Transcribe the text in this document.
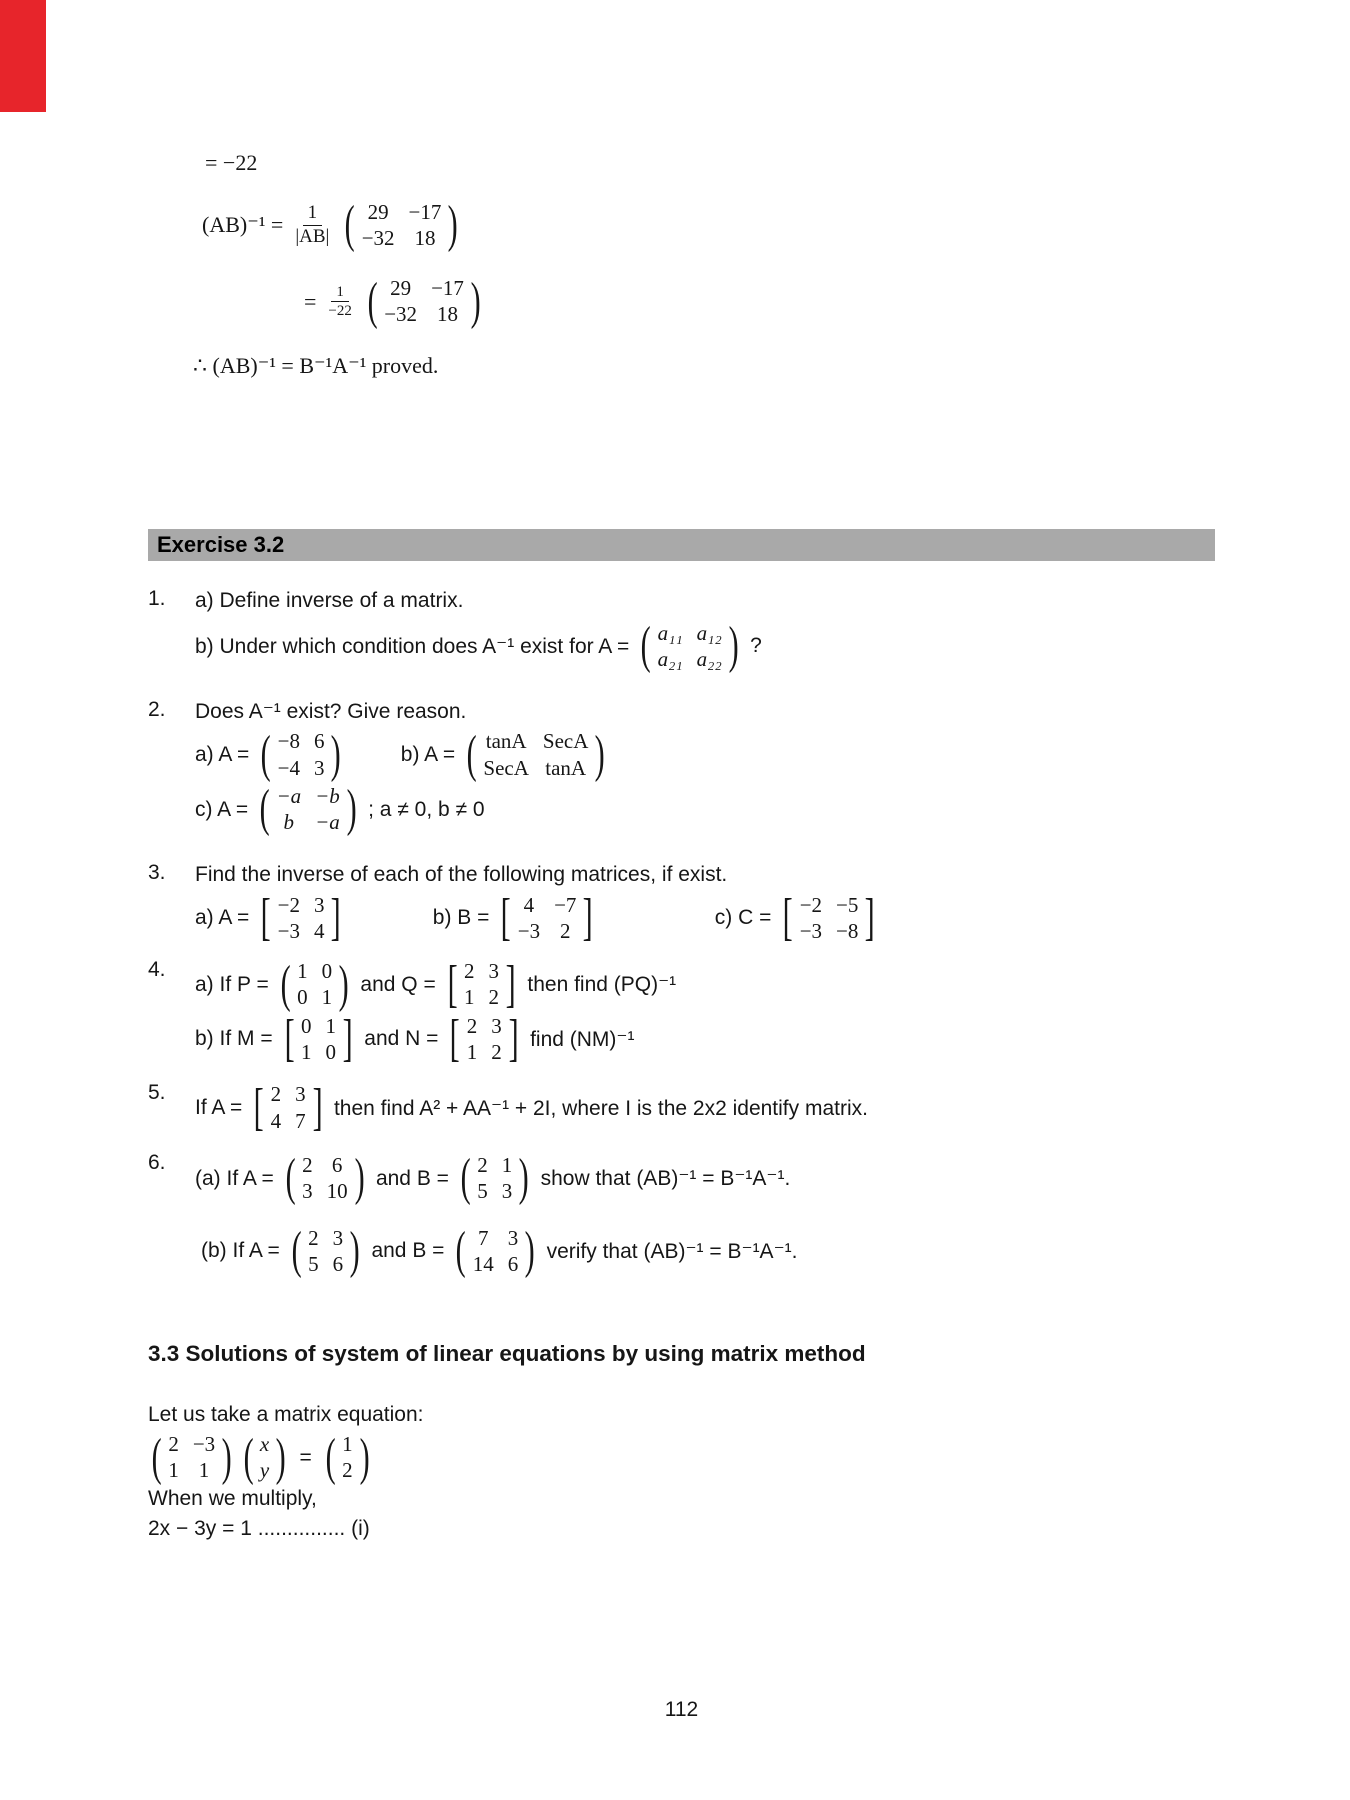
= −22
$(AB)^{-1} = \frac{1}{|AB|}$ ( 29 −17
−32 18 )
= $\frac{1}{-22}$ ( 29 −17
−32 18 )
∴ (AB)⁻¹ = B⁻¹A⁻¹ proved.
Exercise 3.2
1.	a) Define inverse of a matrix.
b) Under which condition does A⁻¹ exist for A = ( a₁₁ a₁₂
a₂₁ a₂₂ ) ?
2.	Does A⁻¹ exist? Give reason.
a) A = ( −8 6
−4 3 )	b) A = ( tanA SecA
SecA tanA )
c) A = ( −a −b
b	−a ) ; a ≠ 0, b ≠ 0
3.	Find the inverse of each of the following matrices, if exist.
a) A = [ −2 3
−3 4 ]	b) B = [ 4 −7
−3 2 ]	c) C = [ −2 −5
−3 −8 ]
4.
a) If P = ( 1 0
0 1 ) and Q = [ 2 3
1 2 ] then find (PQ)⁻¹
b) If M = [ 0 1
1 0 ] and N = [ 2 3
1 2 ] find (NM)⁻¹
5.
If A = [ 2 3
4 7 ] then find A² + AA⁻¹ + 2I, where I is the 2x2 identify matrix.
6.
(a) If A = ( 2 6
3 10 ) and B = ( 2 1
5 3 ) show that (AB)⁻¹ = B⁻¹A⁻¹.
(b) If A = ( 2 3
5 6 ) and B = ( 7 3
14 6 ) verify that (AB)⁻¹ = B⁻¹A⁻¹.
3.3 Solutions of system of linear equations by using matrix method
Let us take a matrix equation:
( 2 −3
1 1 ) ( x
y ) = ( 1
2 )
When we multiply,
2x − 3y = 1 ............... (i)
112
